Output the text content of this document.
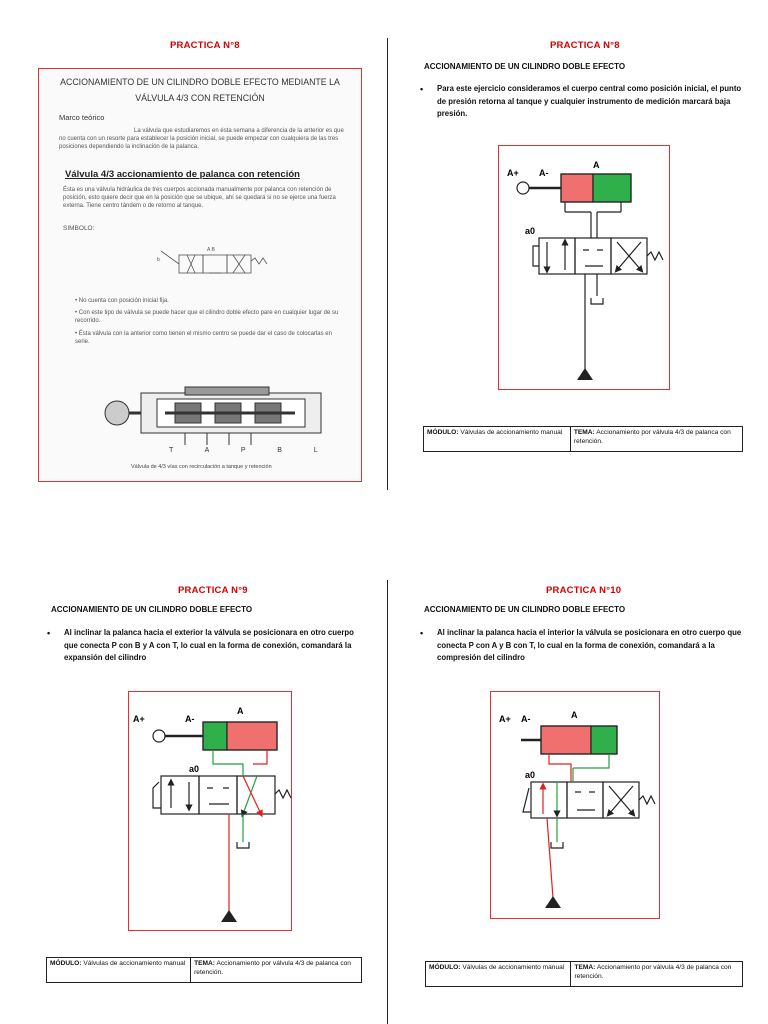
PRACTICA N°8
ACCIONAMIENTO DE UN CILINDRO DOBLE EFECTO MEDIANTE LA
VÁLVULA 4/3 CON RETENCIÓN
Marco teórico
La válvula que estudiaremos en ésta semana a diferencia de la anterior es que no cuenta con un resorte para establecer la posición inicial, se puede empezar con cualquiera de las tres posiciones dependiendo la inclinación de la palanca.
Válvula 4/3 accionamiento de palanca con retención
Ésta es una válvula hidráulica de tres cuerpos accionada manualmente por palanca con retención de posición, esto quiere decir que en la posición que se ubique, ahí se quedará si no se ejerce una fuerza externa. Tiene centro tándem o de retorno al tanque.
SIMBOLO:
A B
b
• No cuenta con posición inicial fija.
• Con este tipo de válvula se puede hacer que el cilindro doble efecto pare en cualquier lugar de su recorrido.
• Ésta válvula con la anterior como tienen el mismo centro se puede dar el caso de colocarlas en serie.
T  A  P  B  L
Válvula de 4/3 vías con recirculación a tanque y retención
PRACTICA N°8
ACCIONAMIENTO DE UN CILINDRO DOBLE EFECTO
• Para este ejercicio consideramos el cuerpo central como posición inicial, el punto de presión retorna al tanque y cualquier instrumento de medición marcará baja presión.
A+ A-
A
a0
MÓDULO: Válvulas de accionamiento manual	TEMA: Accionamiento por válvula 4/3 de palanca con retención.
PRACTICA N°9
ACCIONAMIENTO DE UN CILINDRO DOBLE EFECTO
• Al inclinar la palanca hacia el exterior la válvula se posicionara en otro cuerpo que conecta P con B y A con T, lo cual en la forma de conexión, comandará la expansión del cilindro
A+	A-
A
a0
MÓDULO: Válvulas de accionamiento manual	TEMA: Accionamiento por válvula 4/3 de palanca con retención.
PRACTICA N°10
ACCIONAMIENTO DE UN CILINDRO DOBLE EFECTO
• Al inclinar la palanca hacia el interior la válvula se posicionara en otro cuerpo que conecta P con A y B con T, lo cual en la forma de conexión, comandará a la compresión del cilindro
A+ A-	A
a0
MÓDULO: Válvulas de accionamiento manual	TEMA: Accionamiento por válvula 4/3 de palanca con retención.
